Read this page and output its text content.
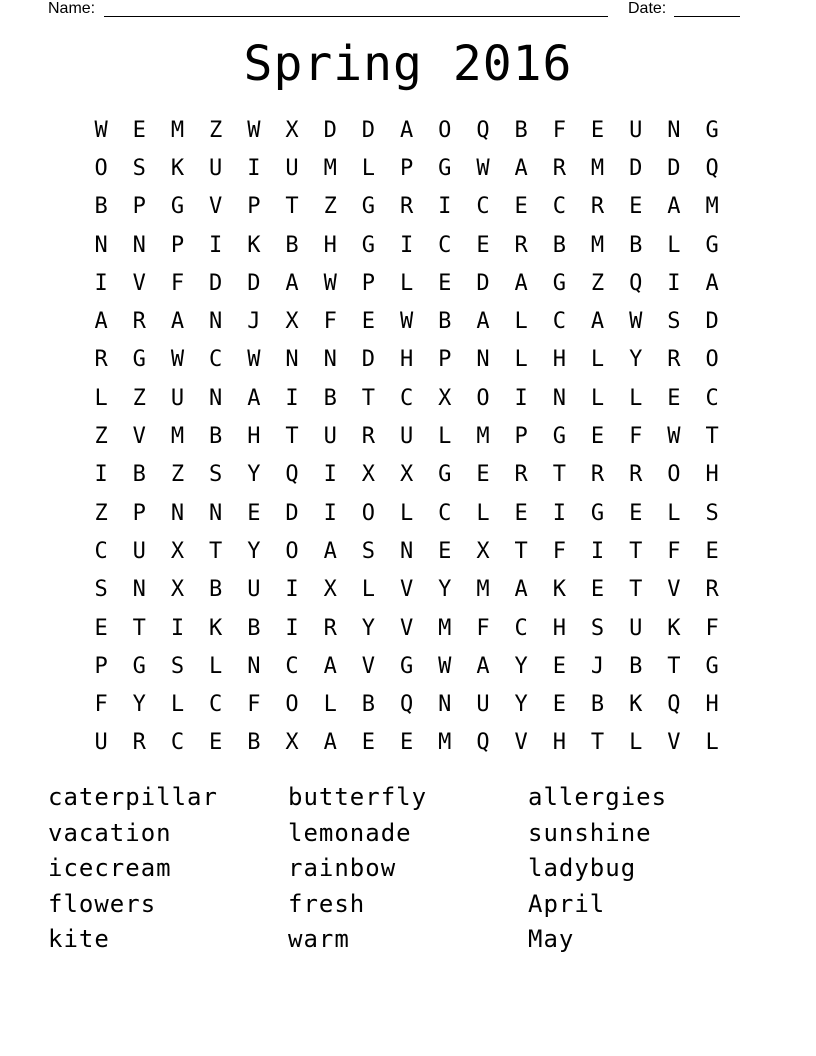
Name:	Date:
Spring 2016
W	E	M	Z	W	X	D	D	A	O	Q	B	F	E	U	N	G
O	S	K	U	I	U	M	L	P	G	W	A	R	M	D	D	Q
B	P	G	V	P	T	Z	G	R	I	C	E	C	R	E	A	M
N	N	P	I	K	B	H	G	I	C	E	R	B	M	B	L	G
I	V	F	D	D	A	W	P	L	E	D	A	G	Z	Q	I	A
A	R	A	N	J	X	F	E	W	B	A	L	C	A	W	S	D
R	G	W	C	W	N	N	D	H	P	N	L	H	L	Y	R	O
L	Z	U	N	A	I	B	T	C	X	O	I	N	L	L	E	C
Z	V	M	B	H	T	U	R	U	L	M	P	G	E	F	W	T
I	B	Z	S	Y	Q	I	X	X	G	E	R	T	R	R	O	H
Z	P	N	N	E	D	I	O	L	C	L	E	I	G	E	L	S
C	U	X	T	Y	O	A	S	N	E	X	T	F	I	T	F	E
S	N	X	B	U	I	X	L	V	Y	M	A	K	E	T	V	R
E	T	I	K	B	I	R	Y	V	M	F	C	H	S	U	K	F
P	G	S	L	N	C	A	V	G	W	A	Y	E	J	B	T	G
F	Y	L	C	F	O	L	B	Q	N	U	Y	E	B	K	Q	H
U	R	C	E	B	X	A	E	E	M	Q	V	H	T	L	V	L
caterpillar	butterfly	allergies
vacation	lemonade	sunshine
icecream	rainbow	ladybug
flowers	fresh	April
kite	warm	May
